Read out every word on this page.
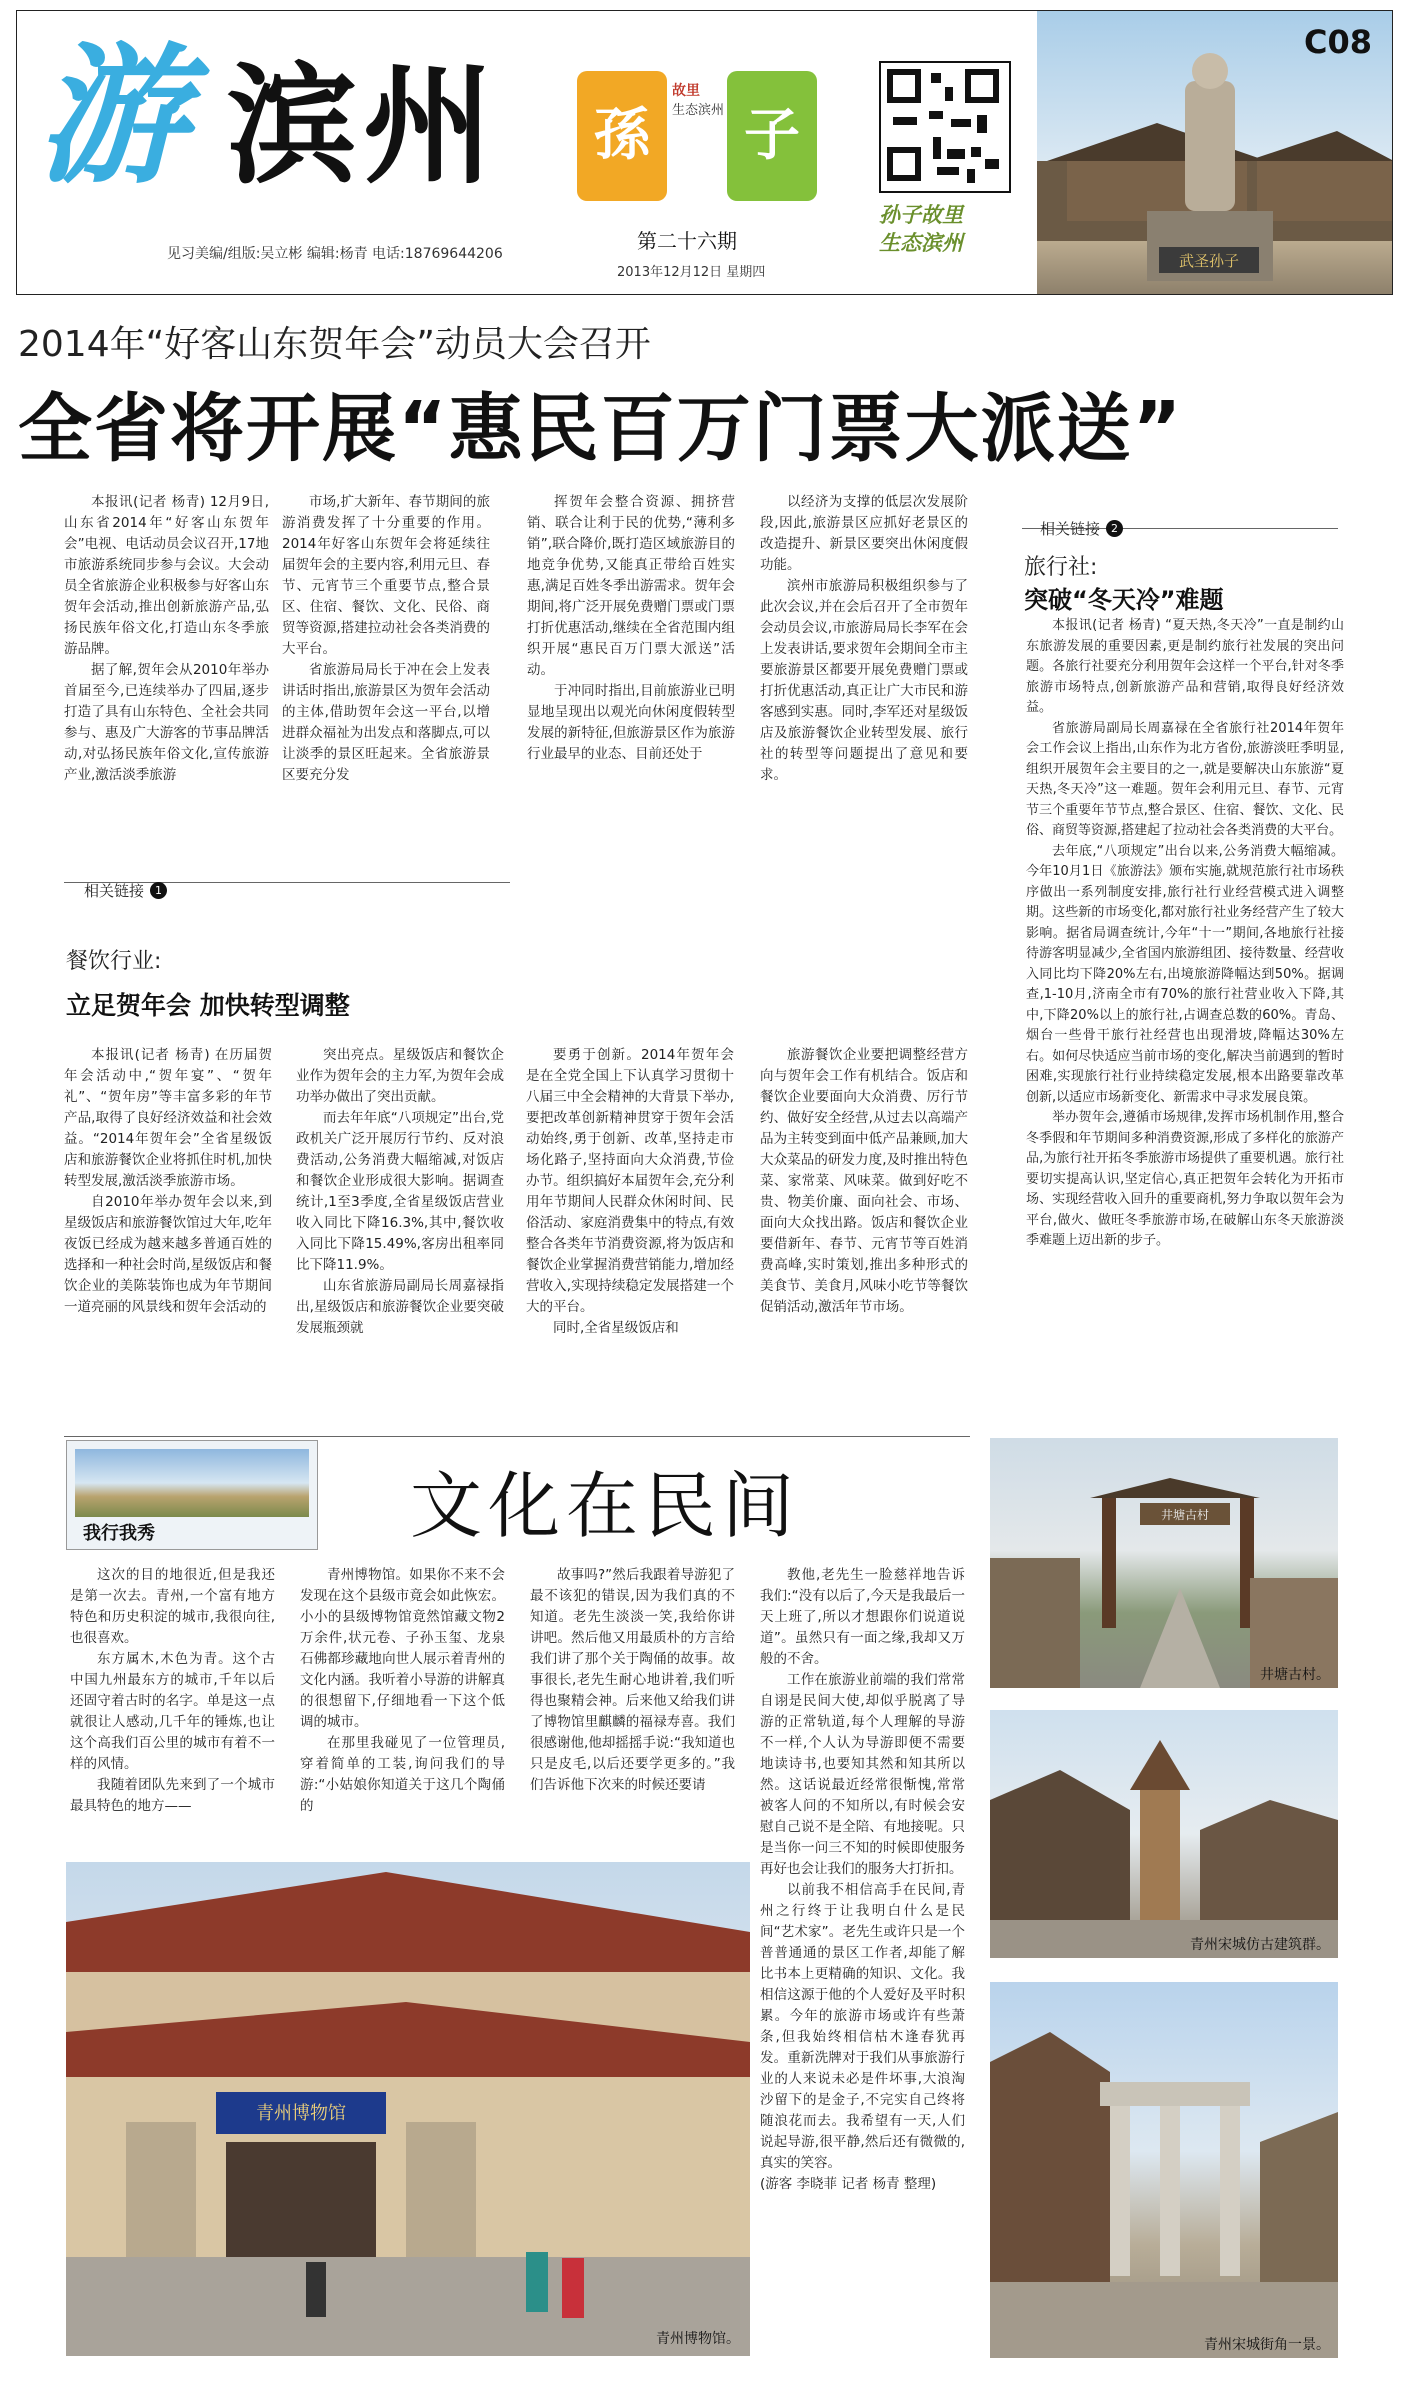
游 滨州
见习美编/组版:吴立彬 编辑:杨青 电话:18769644206
孫
故里
生态滨州 子
第二十六期
2013年12月12日 星期四
孙子故里
生态滨州
武圣孙子
C08
2014年“好客山东贺年会”动员大会召开
全省将开展“惠民百万门票大派送”

本报讯(记者 杨青) 12月9日,山东省2014年“好客山东贺年会”电视、电话动员会议召开,17地市旅游系统同步参与会议。大会动员全省旅游企业积极参与好客山东贺年会活动,推出创新旅游产品,弘扬民族年俗文化,打造山东冬季旅游品牌。

据了解,贺年会从2010年举办首届至今,已连续举办了四届,逐步打造了具有山东特色、全社会共同参与、惠及广大游客的节事品牌活动,对弘扬民族年俗文化,宣传旅游产业,激活淡季旅游

市场,扩大新年、春节期间的旅游消费发挥了十分重要的作用。2014年好客山东贺年会将延续往届贺年会的主要内容,利用元旦、春节、元宵节三个重要节点,整合景区、住宿、餐饮、文化、民俗、商贸等资源,搭建拉动社会各类消费的大平台。

省旅游局局长于冲在会上发表讲话时指出,旅游景区为贺年会活动的主体,借助贺年会这一平台,以增进群众福祉为出发点和落脚点,可以让淡季的景区旺起来。全省旅游景区要充分发

挥贺年会整合资源、拥挤营销、联合让利于民的优势,“薄利多销”,联合降价,既打造区域旅游目的地竞争优势,又能真正带给百姓实惠,满足百姓冬季出游需求。贺年会期间,将广泛开展免费赠门票或门票打折优惠活动,继续在全省范围内组织开展“惠民百万门票大派送”活动。

于冲同时指出,目前旅游业已明显地呈现出以观光向休闲度假转型发展的新特征,但旅游景区作为旅游行业最早的业态、目前还处于

以经济为支撑的低层次发展阶段,因此,旅游景区应抓好老景区的改造提升、新景区要突出休闲度假功能。

滨州市旅游局积极组织参与了此次会议,并在会后召开了全市贺年会动员会议,市旅游局局长李军在会上发表讲话,要求贺年会期间全市主要旅游景区都要开展免费赠门票或打折优惠活动,真正让广大市民和游客感到实惠。同时,李军还对星级饭店及旅游餐饮企业转型发展、旅行社的转型等问题提出了意见和要求。

相关链接	1
餐饮行业:
立足贺年会 加快转型调整

本报讯(记者 杨青) 在历届贺年会活动中,“贺年宴”、“贺年礼”、“贺年房”等丰富多彩的年节产品,取得了良好经济效益和社会效益。“2014年贺年会”全省星级饭店和旅游餐饮企业将抓住时机,加快转型发展,激活淡季旅游市场。

自2010年举办贺年会以来,到星级饭店和旅游餐饮馆过大年,吃年夜饭已经成为越来越多普通百姓的选择和一种社会时尚,星级饭店和餐饮企业的美陈装饰也成为年节期间一道亮丽的风景线和贺年会活动的

突出亮点。星级饭店和餐饮企业作为贺年会的主力军,为贺年会成功举办做出了突出贡献。

而去年年底“八项规定”出台,党政机关广泛开展厉行节约、反对浪费活动,公务消费大幅缩减,对饭店和餐饮企业形成很大影响。据调查统计,1至3季度,全省星级饭店营业收入同比下降16.3%,其中,餐饮收入同比下降15.49%,客房出租率同比下降11.9%。

山东省旅游局副局长周嘉禄指出,星级饭店和旅游餐饮企业要突破发展瓶颈就

要勇于创新。2014年贺年会是在全党全国上下认真学习贯彻十八届三中全会精神的大背景下举办,要把改革创新精神贯穿于贺年会活动始终,勇于创新、改革,坚持走市场化路子,坚持面向大众消费,节俭办节。组织搞好本届贺年会,充分利用年节期间人民群众休闲时间、民俗活动、家庭消费集中的特点,有效整合各类年节消费资源,将为饭店和餐饮企业掌握消费营销能力,增加经营收入,实现持续稳定发展搭建一个大的平台。

同时,全省星级饭店和

旅游餐饮企业要把调整经营方向与贺年会工作有机结合。饭店和餐饮企业要面向大众消费、厉行节约、做好安全经营,从过去以高端产品为主转变到面中低产品兼顾,加大大众菜品的研发力度,及时推出特色菜、家常菜、风味菜。做到好吃不贵、物美价廉、面向社会、市场、面向大众找出路。饭店和餐饮企业要借新年、春节、元宵节等百姓消费高峰,实时策划,推出多种形式的美食节、美食月,风味小吃节等餐饮促销活动,激活年节市场。

相关链接	2
旅行社:
突破“冬天冷”难题

本报讯(记者 杨青) “夏天热,冬天冷”一直是制约山东旅游发展的重要因素,更是制约旅行社发展的突出问题。各旅行社要充分利用贺年会这样一个平台,针对冬季旅游市场特点,创新旅游产品和营销,取得良好经济效益。

省旅游局副局长周嘉禄在全省旅行社2014年贺年会工作会议上指出,山东作为北方省份,旅游淡旺季明显,组织开展贺年会主要目的之一,就是要解决山东旅游“夏天热,冬天冷”这一难题。贺年会利用元旦、春节、元宵节三个重要年节节点,整合景区、住宿、餐饮、文化、民俗、商贸等资源,搭建起了拉动社会各类消费的大平台。

去年底,“八项规定”出台以来,公务消费大幅缩减。今年10月1日《旅游法》颁布实施,就规范旅行社市场秩序做出一系列制度安排,旅行社行业经营模式进入调整期。这些新的市场变化,都对旅行社业务经营产生了较大影响。据省局调查统计,今年“十一”期间,各地旅行社接待游客明显减少,全省国内旅游组团、接待数量、经营收入同比均下降20%左右,出境旅游降幅达到50%。据调查,1-10月,济南全市有70%的旅行社营业收入下降,其中,下降20%以上的旅行社,占调查总数的60%。青岛、烟台一些骨干旅行社经营也出现滑坡,降幅达30%左右。如何尽快适应当前市场的变化,解决当前遇到的暂时困难,实现旅行社行业持续稳定发展,根本出路要靠改革创新,以适应市场新变化、新需求中寻求发展良策。

举办贺年会,遵循市场规律,发挥市场机制作用,整合冬季假和年节期间多种消费资源,形成了多样化的旅游产品,为旅行社开拓冬季旅游市场提供了重要机遇。旅行社要切实提高认识,坚定信心,真正把贺年会转化为开拓市场、实现经营收入回升的重要商机,努力争取以贺年会为平台,做火、做旺冬季旅游市场,在破解山东冬天旅游淡季难题上迈出新的步子。

我行我秀	文化在民间

这次的目的地很近,但是我还是第一次去。青州,一个富有地方特色和历史积淀的城市,我很向往,也很喜欢。

东方属木,木色为青。这个古中国九州最东方的城市,千年以后还固守着古时的名字。单是这一点就很让人感动,几千年的锤炼,也让这个高我们百公里的城市有着不一样的风情。

我随着团队先来到了一个城市最具特色的地方——

青州博物馆。如果你不来不会发现在这个县级市竟会如此恢宏。小小的县级博物馆竟然馆藏文物2万余件,状元卷、子孙玉玺、龙泉石佛都珍藏地向世人展示着青州的文化内涵。我听着小导游的讲解真的很想留下,仔细地看一下这个低调的城市。

在那里我碰见了一位管理员,穿着简单的工装,询问我们的导游:“小姑娘你知道关于这几个陶俑的

故事吗?”然后我跟着导游犯了最不该犯的错误,因为我们真的不知道。老先生淡淡一笑,我给你讲讲吧。然后他又用最质朴的方言给我们讲了那个关于陶俑的故事。故事很长,老先生耐心地讲着,我们听得也聚精会神。后来他又给我们讲了博物馆里麒麟的福禄寿喜。我们很感谢他,他却摇摇手说:“我知道也只是皮毛,以后还要学更多的。”我们告诉他下次来的时候还要请

教他,老先生一脸慈祥地告诉我们:“没有以后了,今天是我最后一天上班了,所以才想跟你们说道说道”。虽然只有一面之缘,我却又万般的不舍。

工作在旅游业前端的我们常常自诩是民间大使,却似乎脱离了导游的正常轨道,每个人理解的导游不一样,个人认为导游即便不需要地读诗书,也要知其然和知其所以然。这话说最近经常很惭愧,常常被客人问的不知所以,有时候会安慰自己说不是全陪、有地接呢。只是当你一问三不知的时候即使服务再好也会让我们的服务大打折扣。

以前我不相信高手在民间,青州之行终于让我明白什么是民间“艺术家”。老先生或许只是一个普普通通的景区工作者,却能了解比书本上更精确的知识、文化。我相信这源于他的个人爱好及平时积累。今年的旅游市场或许有些萧条,但我始终相信枯木逢春犹再发。重新洗牌对于我们从事旅游行业的人来说未必是件坏事,大浪淘沙留下的是金子,不完实自己终将随浪花而去。我希望有一天,人们说起导游,很平静,然后还有微微的,真实的笑容。

(游客 李晓菲 记者 杨青 整理)

青州博物馆
青州博物馆。
井塘古村
井塘古村。
青州宋城仿古建筑群。
青州宋城街角一景。
